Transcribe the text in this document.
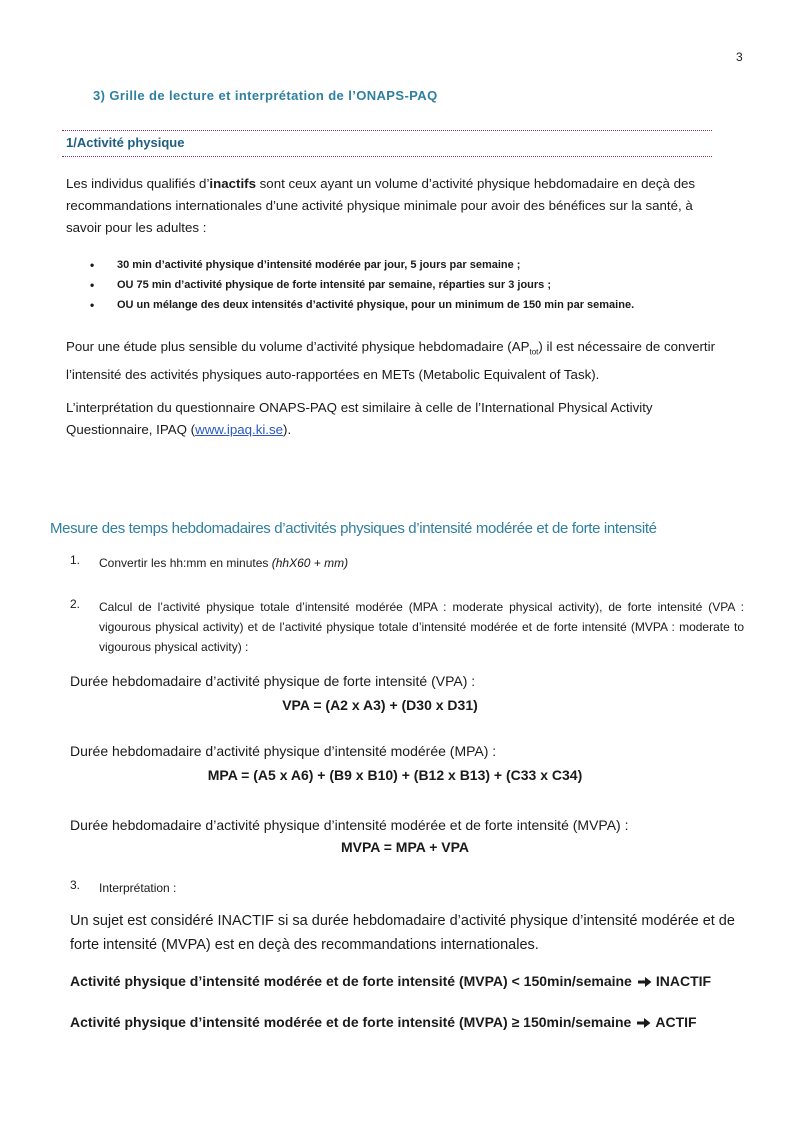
3
3) Grille de lecture et interprétation de l’ONAPS-PAQ
1/Activité physique
Les individus qualifiés d’inactifs sont ceux ayant un volume d’activité physique hebdomadaire en deçà des recommandations internationales d’une activité physique minimale pour avoir des bénéfices sur la santé, à savoir pour les adultes :
• 30 min d’activité physique d’intensité modérée par jour, 5 jours par semaine ;
• OU 75 min d’activité physique de forte intensité par semaine, réparties sur 3 jours ;
• OU un mélange des deux intensités d’activité physique, pour un minimum de 150 min par semaine.
Pour une étude plus sensible du volume d’activité physique hebdomadaire $(AP_{tot})$ il est nécessaire de convertir l’intensité des activités physiques auto-rapportées en METs (Metabolic Equivalent of Task).
L’interprétation du questionnaire ONAPS-PAQ est similaire à celle de l’International Physical Activity Questionnaire, IPAQ (www.ipaq.ki.se).
Mesure des temps hebdomadaires d’activités physiques d’intensité modérée et de forte intensité
1. Convertir les hh:mm en minutes (hhX60 + mm)
2. Calcul de l’activité physique totale d’intensité modérée (MPA : moderate physical activity), de forte intensité (VPA : vigourous physical activity) et de l’activité physique totale d’intensité modérée et de forte intensité (MVPA : moderate to vigourous physical activity) :
Durée hebdomadaire d’activité physique de forte intensité (VPA) :
VPA = (A2 x A3) + (D30 x D31)
Durée hebdomadaire d’activité physique d’intensité modérée (MPA) :
MPA = (A5 x A6) + (B9 x B10) + (B12 x B13) + (C33 x C34)
Durée hebdomadaire d’activité physique d’intensité modérée et de forte intensité (MVPA) :
MVPA = MPA + VPA
3. Interprétation :
Un sujet est considéré INACTIF si sa durée hebdomadaire d’activité physique d’intensité modérée et de forte intensité (MVPA) est en deçà des recommandations internationales.
Activité physique d’intensité modérée et de forte intensité (MVPA) < 150min/semaine INACTIF
Activité physique d’intensité modérée et de forte intensité (MVPA) ≥ 150min/semaine ACTIF
